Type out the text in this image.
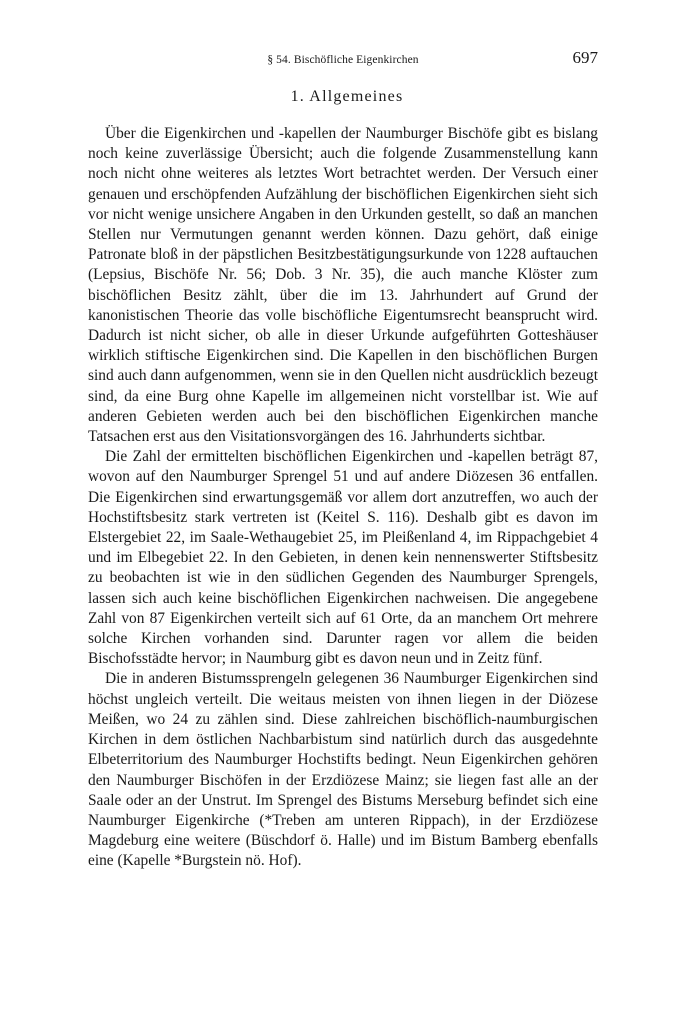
§ 54. Bischöfliche Eigenkirchen	697
1. Allgemeines

Über die Eigenkirchen und -kapellen der Naumburger Bischöfe gibt es bislang noch keine zuverlässige Übersicht; auch die folgende Zusammenstellung kann noch nicht ohne weiteres als letztes Wort betrachtet werden. Der Versuch einer genauen und erschöpfenden Aufzählung der bischöflichen Eigenkirchen sieht sich vor nicht wenige unsichere Angaben in den Urkunden gestellt, so daß an manchen Stellen nur Vermutungen genannt werden können. Dazu gehört, daß einige Patronate bloß in der päpstlichen Besitzbestätigungsurkunde von 1228 auftauchen (Lepsius, Bischöfe Nr. 56; Dob. 3 Nr. 35), die auch manche Klöster zum bischöflichen Besitz zählt, über die im 13. Jahrhundert auf Grund der kanonistischen Theorie das volle bischöfliche Eigentumsrecht beansprucht wird. Dadurch ist nicht sicher, ob alle in dieser Urkunde aufgeführten Gotteshäuser wirklich stiftische Eigenkirchen sind. Die Kapellen in den bischöflichen Burgen sind auch dann aufgenommen, wenn sie in den Quellen nicht ausdrücklich bezeugt sind, da eine Burg ohne Kapelle im allgemeinen nicht vorstellbar ist. Wie auf anderen Gebieten werden auch bei den bischöflichen Eigenkirchen manche Tatsachen erst aus den Visitationsvorgängen des 16. Jahrhunderts sichtbar.

Die Zahl der ermittelten bischöflichen Eigenkirchen und -kapellen beträgt 87, wovon auf den Naumburger Sprengel 51 und auf andere Diözesen 36 entfallen. Die Eigenkirchen sind erwartungsgemäß vor allem dort anzutreffen, wo auch der Hochstiftsbesitz stark vertreten ist (Keitel S. 116). Deshalb gibt es davon im Elstergebiet 22, im Saale-Wethaugebiet 25, im Pleißenland 4, im Rippachgebiet 4 und im Elbegebiet 22. In den Gebieten, in denen kein nennenswerter Stiftsbesitz zu beobachten ist wie in den südlichen Gegenden des Naumburger Sprengels, lassen sich auch keine bischöflichen Eigenkirchen nachweisen. Die angegebene Zahl von 87 Eigenkirchen verteilt sich auf 61 Orte, da an manchem Ort mehrere solche Kirchen vorhanden sind. Darunter ragen vor allem die beiden Bischofsstädte hervor; in Naumburg gibt es davon neun und in Zeitz fünf.

Die in anderen Bistumssprengeln gelegenen 36 Naumburger Eigenkirchen sind höchst ungleich verteilt. Die weitaus meisten von ihnen liegen in der Diözese Meißen, wo 24 zu zählen sind. Diese zahlreichen bischöflich-naumburgischen Kirchen in dem östlichen Nachbarbistum sind natürlich durch das ausgedehnte Elbeterritorium des Naumburger Hochstifts bedingt. Neun Eigenkirchen gehören den Naumburger Bischöfen in der Erzdiözese Mainz; sie liegen fast alle an der Saale oder an der Unstrut. Im Sprengel des Bistums Merseburg befindet sich eine Naumburger Eigenkirche (*Treben am unteren Rippach), in der Erzdiözese Magdeburg eine weitere (Büschdorf ö. Halle) und im Bistum Bamberg ebenfalls eine (Kapelle *Burgstein nö. Hof).
